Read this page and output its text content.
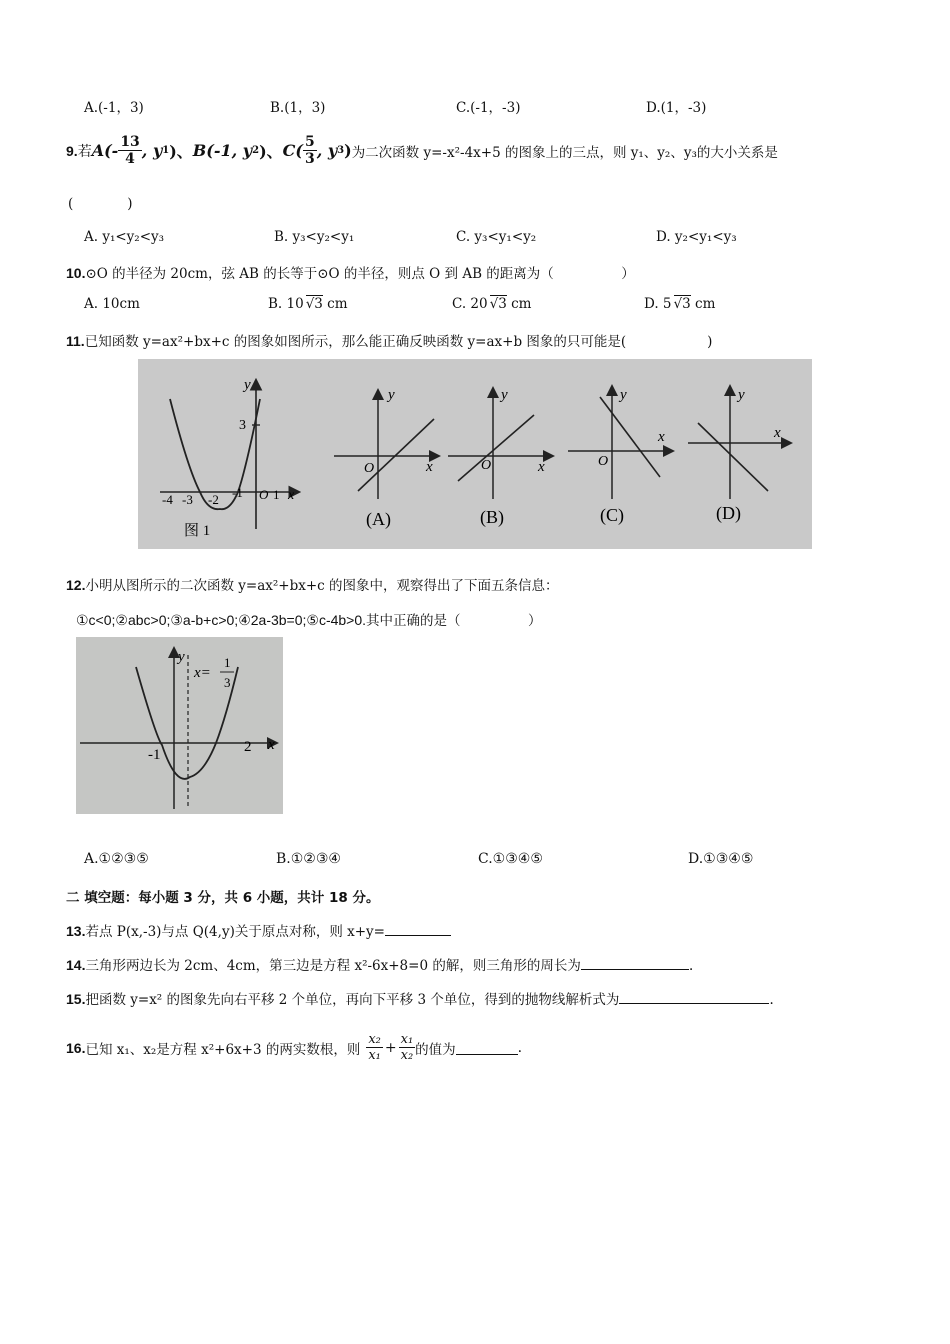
A.(-1，3)	B.(1，3)	C.(-1，-3)	D.(1，-3)
9. 若 $A(- \frac{13}{4}$ , y 1 )、 B(-1, y 2 )、 $C( \frac{5}{3}$ , y 3 ) 为二次函数 y=-x²-4x+5 的图象上的三点，则 y₁、y₂、y₃的大小关系是
(　　　　)
A. y₁<y₂<y₃	B. y₃<y₂<y₁	C. y₃<y₁<y₂	D. y₂<y₁<y₃
10.⊙O 的半径为 20cm，弦 AB 的长等于⊙O 的半径，则点 O 到 AB 的距离为（　　　　　）
A. 10cm	B. 10 √3 cm	C. 20 √3 cm	D. 5 √3 cm
11.已知函数 y=ax²+bx+c 的图象如图所示，那么能正确反映函数 y=ax+b 图象的只可能是(　　　　　　)
3
y
-4 -3 -2 -1 O 1 x
图 1
y
O	x
(A)
y
O	x
(B)
y
O
x
(C)
y
x
(D)
12.小明从图所示的二次函数 y=ax²+bx+c 的图象中，观察得出了下面五条信息：
①c<0;②abc>0;③a-b+c>0;④2a-3b=0;⑤c-4b>0.其中正确的是（　　　　　）
y
x=
1
3
-1	2 x
A.①②③⑤	B.①②③④	C.①③④⑤	D.①③④⑤
二 填空题：每小题 3 分，共 6 小题，共计 18 分。
13.若点 P(x,-3)与点 Q(4,y)关于原点对称，则 x+y=
14.三角形两边长为 2cm、4cm，第三边是方程 x²-6x+8=0 的解，则三角形的周长为	.
15.把函数 y=x² 的图象先向右平移 2 个单位，再向下平移 3 个单位，得到的抛物线解析式为	.
16. 已知 x₁、x₂是方程 x²+6x+3 的两实数根，则 $\frac{\text{x₂}}{\text{x₁}} + \frac{\text{x₁}}{\text{x₂}}$ 的值为	.
